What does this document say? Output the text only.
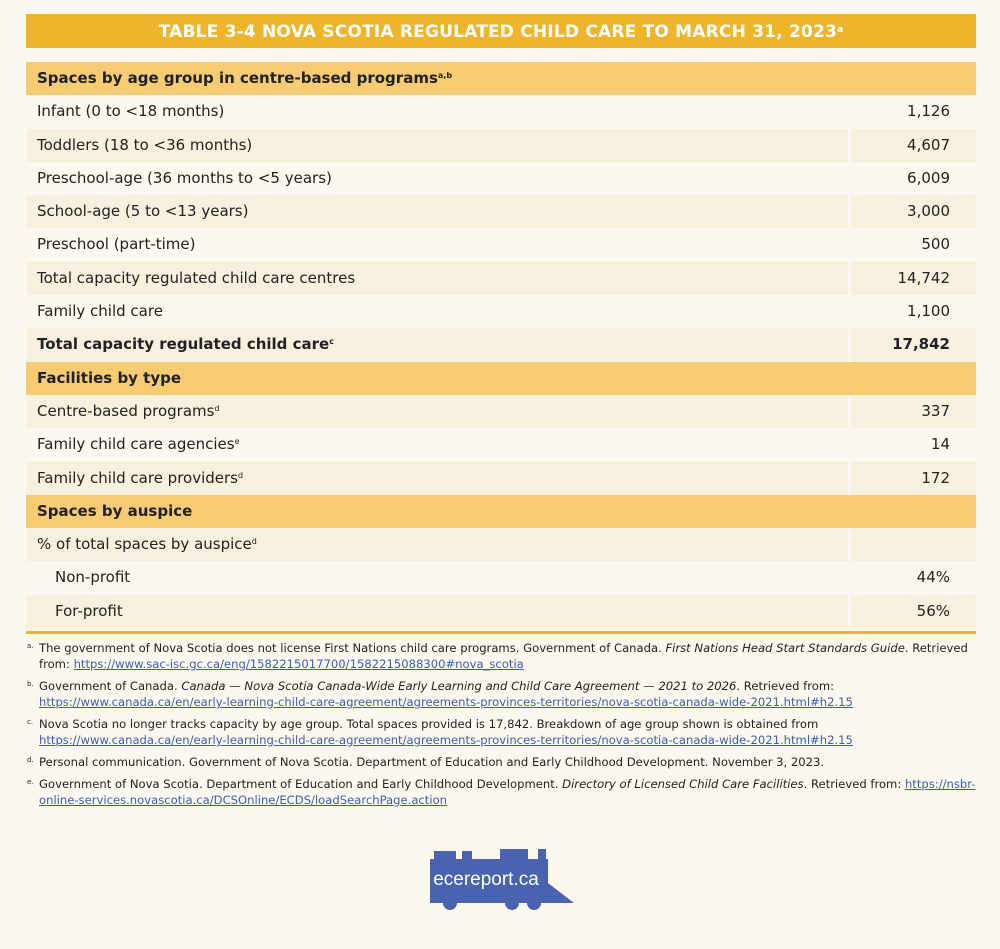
TABLE 3-4 NOVA SCOTIA REGULATED CHILD CARE TO MARCH 31, 2023$^a$
Spaces by age group in centre-based programs$^{a,b}$
Infant (0 to <18 months)	1,126
Toddlers (18 to <36 months)	4,607
Preschool-age (36 months to <5 years)	6,009
School-age (5 to <13 years)	3,000
Preschool (part-time)	500
Total capacity regulated child care centres	14,742
Family child care	1,100
Total capacity regulated child care$^c$	17,842
Facilities by type
Centre-based programs$^d$	337
Family child care agencies$^e$	14
Family child care providers$^d$	172
Spaces by auspice
% of total spaces by auspice$^d$
Non-profit	44%
For-profit	56%
a. The government of Nova Scotia does not license First Nations child care programs. Government of Canada. First Nations Head Start Standards Guide. Retrieved from: https://www.sac-isc.gc.ca/eng/1582215017700/1582215088300#nova_scotia
b. Government of Canada. Canada — Nova Scotia Canada-Wide Early Learning and Child Care Agreement — 2021 to 2026. Retrieved from: https://www.canada.ca/en/early-learning-child-care-agreement/agreements-provinces-territories/nova-scotia-canada-wide-2021.html#h2.15
c. Nova Scotia no longer tracks capacity by age group. Total spaces provided is 17,842. Breakdown of age group shown is obtained from https://www.canada.ca/en/early-learning-child-care-agreement/agreements-provinces-territories/nova-scotia-canada-wide-2021.html#h2.15
d. Personal communication. Government of Nova Scotia. Department of Education and Early Childhood Development. November 3, 2023.
e. Government of Nova Scotia. Department of Education and Early Childhood Development. Directory of Licensed Child Care Facilities. Retrieved from: https://nsbr-online-services.novascotia.ca/DCSOnline/ECDS/loadSearchPage.action
ecereport.ca
